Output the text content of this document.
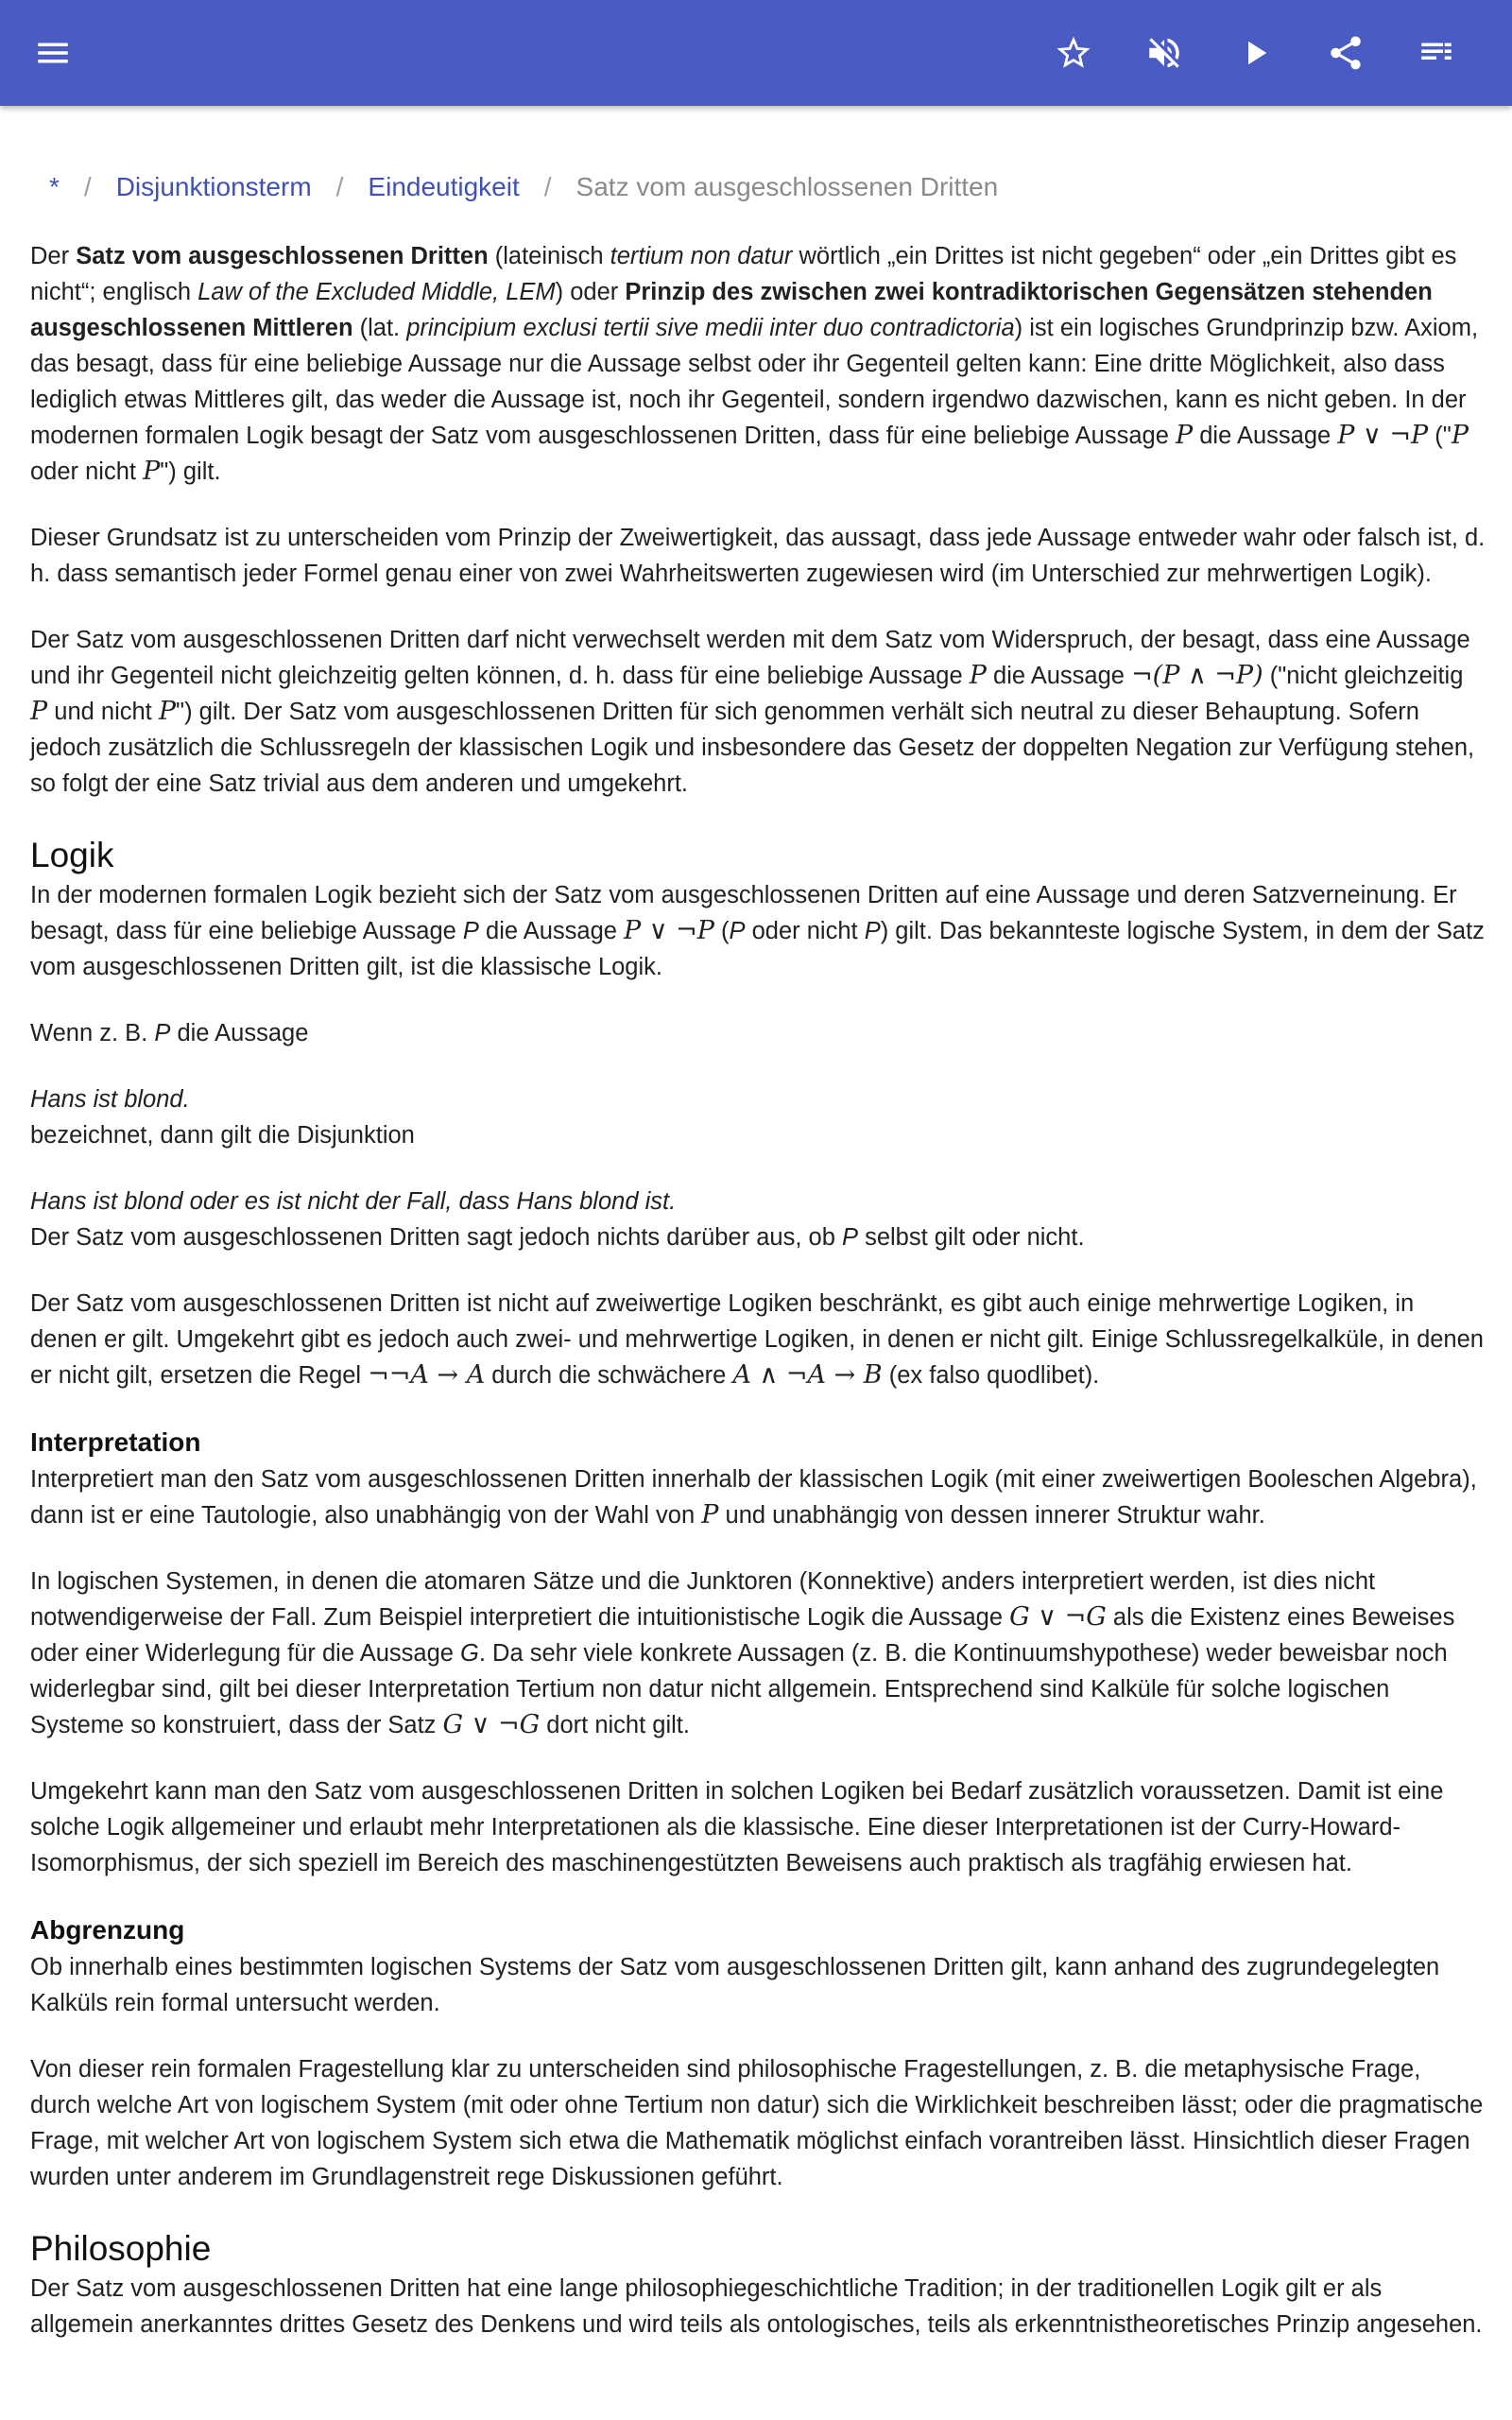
* / Disjunktionsterm / Eindeutigkeit / Satz vom ausgeschlossenen Dritten

Der Satz vom ausgeschlossenen Dritten (lateinisch tertium non datur wörtlich „ein Drittes ist nicht gegeben“ oder „ein Drittes gibt es nicht“; englisch Law of the Excluded Middle, LEM) oder Prinzip des zwischen zwei kontradiktorischen Gegensätzen stehenden ausgeschlossenen Mittleren (lat. principium exclusi tertii sive medii inter duo contradictoria) ist ein logisches Grundprinzip bzw. Axiom, das besagt, dass für eine beliebige Aussage nur die Aussage selbst oder ihr Gegenteil gelten kann: Eine dritte Möglichkeit, also dass lediglich etwas Mittleres gilt, das weder die Aussage ist, noch ihr Gegenteil, sondern irgendwo dazwischen, kann es nicht geben. In der modernen formalen Logik besagt der Satz vom ausgeschlossenen Dritten, dass für eine beliebige Aussage P die Aussage P ∨ ¬P ("P oder nicht P") gilt.

Dieser Grundsatz ist zu unterscheiden vom Prinzip der Zweiwertigkeit, das aussagt, dass jede Aussage entweder wahr oder falsch ist, d. h. dass semantisch jeder Formel genau einer von zwei Wahrheitswerten zugewiesen wird (im Unterschied zur mehrwertigen Logik).

Der Satz vom ausgeschlossenen Dritten darf nicht verwechselt werden mit dem Satz vom Widerspruch, der besagt, dass eine Aussage und ihr Gegenteil nicht gleichzeitig gelten können, d. h. dass für eine beliebige Aussage P die Aussage ¬(P ∧ ¬P) ("nicht gleichzeitig P und nicht P") gilt. Der Satz vom ausgeschlossenen Dritten für sich genommen verhält sich neutral zu dieser Behauptung. Sofern jedoch zusätzlich die Schlussregeln der klassischen Logik und insbesondere das Gesetz der doppelten Negation zur Verfügung stehen, so folgt der eine Satz trivial aus dem anderen und umgekehrt.

Logik

In der modernen formalen Logik bezieht sich der Satz vom ausgeschlossenen Dritten auf eine Aussage und deren Satzverneinung. Er besagt, dass für eine beliebige Aussage P die Aussage P ∨ ¬P (P oder nicht P) gilt. Das bekannteste logische System, in dem der Satz vom ausgeschlossenen Dritten gilt, ist die klassische Logik.

Wenn z. B. P die Aussage

Hans ist blond.
bezeichnet, dann gilt die Disjunktion

Hans ist blond oder es ist nicht der Fall, dass Hans blond ist.
Der Satz vom ausgeschlossenen Dritten sagt jedoch nichts darüber aus, ob P selbst gilt oder nicht.

Der Satz vom ausgeschlossenen Dritten ist nicht auf zweiwertige Logiken beschränkt, es gibt auch einige mehrwertige Logiken, in denen er gilt. Umgekehrt gibt es jedoch auch zwei- und mehrwertige Logiken, in denen er nicht gilt. Einige Schlussregelkalküle, in denen er nicht gilt, ersetzen die Regel ¬¬A → A durch die schwächere A ∧ ¬A → B (ex falso quodlibet).

Interpretation

Interpretiert man den Satz vom ausgeschlossenen Dritten innerhalb der klassischen Logik (mit einer zweiwertigen Booleschen Algebra), dann ist er eine Tautologie, also unabhängig von der Wahl von P und unabhängig von dessen innerer Struktur wahr.

In logischen Systemen, in denen die atomaren Sätze und die Junktoren (Konnektive) anders interpretiert werden, ist dies nicht notwendigerweise der Fall. Zum Beispiel interpretiert die intuitionistische Logik die Aussage G ∨ ¬G als die Existenz eines Beweises oder einer Widerlegung für die Aussage G. Da sehr viele konkrete Aussagen (z. B. die Kontinuumshypothese) weder beweisbar noch widerlegbar sind, gilt bei dieser Interpretation Tertium non datur nicht allgemein. Entsprechend sind Kalküle für solche logischen Systeme so konstruiert, dass der Satz G ∨ ¬G dort nicht gilt.

Umgekehrt kann man den Satz vom ausgeschlossenen Dritten in solchen Logiken bei Bedarf zusätzlich voraussetzen. Damit ist eine solche Logik allgemeiner und erlaubt mehr Interpretationen als die klassische. Eine dieser Interpretationen ist der Curry-Howard-Isomorphismus, der sich speziell im Bereich des maschinengestützten Beweisens auch praktisch als tragfähig erwiesen hat.

Abgrenzung

Ob innerhalb eines bestimmten logischen Systems der Satz vom ausgeschlossenen Dritten gilt, kann anhand des zugrundegelegten Kalküls rein formal untersucht werden.

Von dieser rein formalen Fragestellung klar zu unterscheiden sind philosophische Fragestellungen, z. B. die metaphysische Frage, durch welche Art von logischem System (mit oder ohne Tertium non datur) sich die Wirklichkeit beschreiben lässt; oder die pragmatische Frage, mit welcher Art von logischem System sich etwa die Mathematik möglichst einfach vorantreiben lässt. Hinsichtlich dieser Fragen wurden unter anderem im Grundlagenstreit rege Diskussionen geführt.

Philosophie

Der Satz vom ausgeschlossenen Dritten hat eine lange philosophiegeschichtliche Tradition; in der traditionellen Logik gilt er als allgemein anerkanntes drittes Gesetz des Denkens und wird teils als ontologisches, teils als erkenntnistheoretisches Prinzip angesehen.
